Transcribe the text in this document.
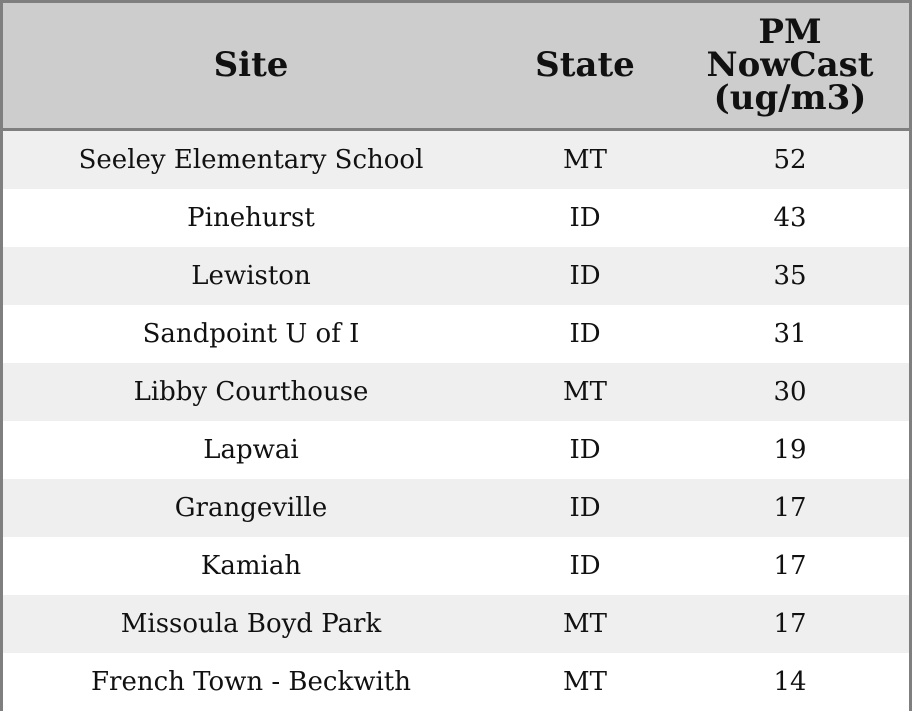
Site	State	PM
NowCast
(ug/m3)

Seeley Elementary School	MT	52
Pinehurst	ID	43
Lewiston	ID	35
Sandpoint U of I	ID	31
Libby Courthouse	MT	30
Lapwai	ID	19
Grangeville	ID	17
Kamiah	ID	17
Missoula Boyd Park	MT	17
French Town - Beckwith	MT	14
